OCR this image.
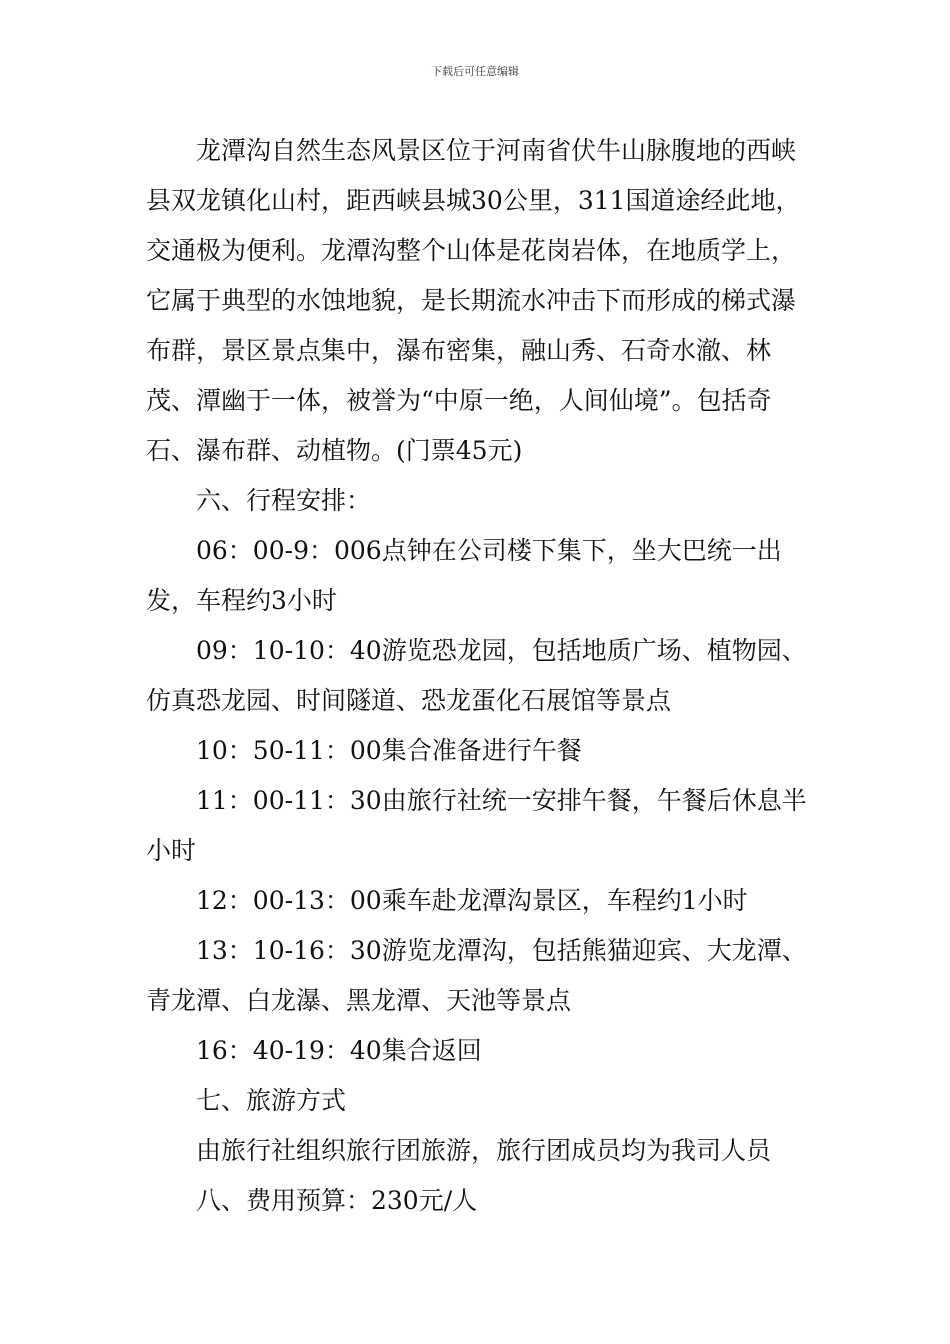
下载后可任意编辑

龙潭沟自然生态风景区位于河南省伏牛山脉腹地的西峡县双龙镇化山村，距西峡县城30公里，311国道途经此地，交通极为便利。龙潭沟整个山体是花岗岩体，在地质学上，它属于典型的水蚀地貌，是长期流水冲击下而形成的梯式瀑布群，景区景点集中，瀑布密集，融山秀、石奇水澈、林茂、潭幽于一体，被誉为“中原一绝，人间仙境”。包括奇石、瀑布群、动植物。(门票45元)

六、行程安排：

06：00-9：006点钟在公司楼下集下，坐大巴统一出发，车程约3小时

09：10-10：40游览恐龙园，包括地质广场、植物园、仿真恐龙园、时间隧道、恐龙蛋化石展馆等景点

10：50-11：00集合准备进行午餐

11：00-11：30由旅行社统一安排午餐，午餐后休息半小时

12：00-13：00乘车赴龙潭沟景区，车程约1小时

13：10-16：30游览龙潭沟，包括熊猫迎宾、大龙潭、青龙潭、白龙瀑、黑龙潭、天池等景点

16：40-19：40集合返回

七、旅游方式

由旅行社组织旅行团旅游，旅行团成员均为我司人员

八、费用预算：230元/人
